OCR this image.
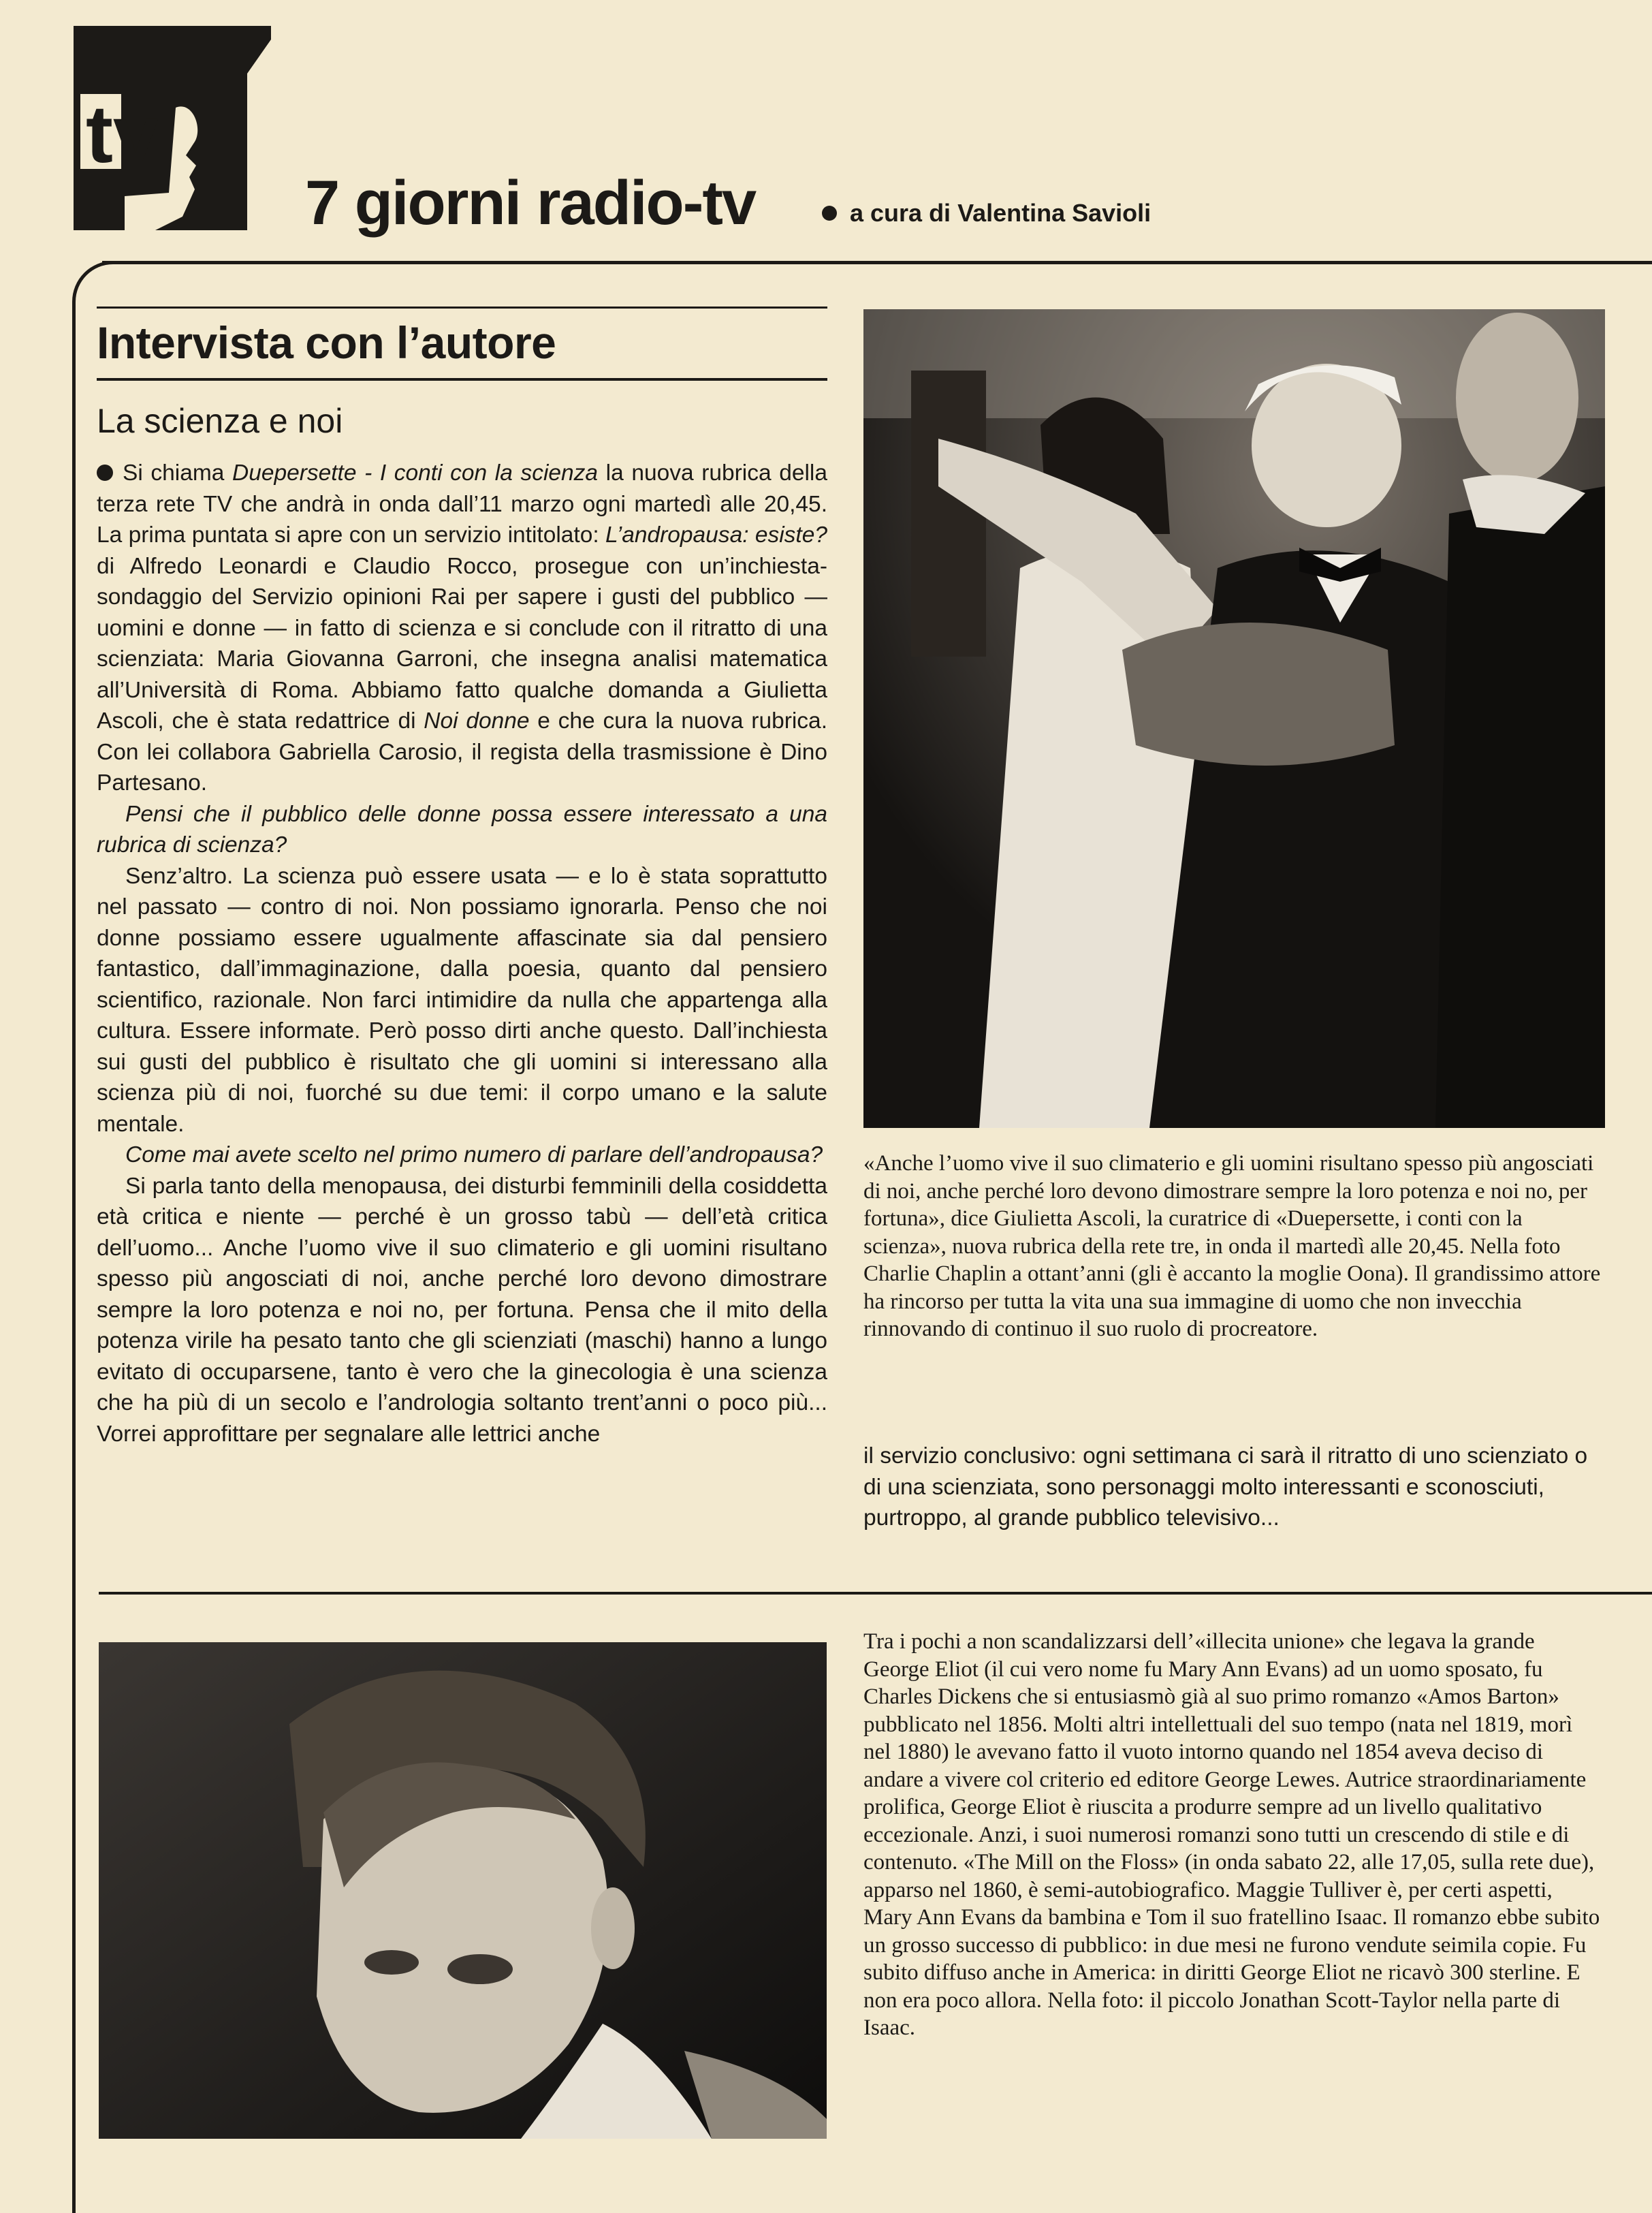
tv
7 giorni radio-tv	a cura di Valentina Savioli
Intervista con l’autore
La scienza e noi

Si chiama Duepersette - I conti con la scienza la nuova rubrica della terza rete TV che andrà in onda dall’11 marzo ogni martedì alle 20,45. La prima puntata si apre con un servizio intitolato: L’andropausa: esiste? di Alfredo Leonardi e Claudio Rocco, prosegue con un’inchiesta-sondaggio del Servizio opinioni Rai per sapere i gusti del pubblico — uomini e donne — in fatto di scienza e si conclude con il ritratto di una scienziata: Maria Giovanna Garroni, che insegna analisi matematica all’Università di Roma. Abbiamo fatto qualche domanda a Giulietta Ascoli, che è stata redattrice di Noi donne e che cura la nuova rubrica. Con lei collabora Gabriella Carosio, il regista della trasmissione è Dino Partesano.

Pensi che il pubblico delle donne possa essere interessato a una rubrica di scienza?

Senz’altro. La scienza può essere usata — e lo è stata soprattutto nel passato — contro di noi. Non possiamo ignorarla. Penso che noi donne possiamo essere ugualmente affascinate sia dal pensiero fantastico, dall’immaginazione, dalla poesia, quanto dal pensiero scientifico, razionale. Non farci intimidire da nulla che appartenga alla cultura. Essere informate. Però posso dirti anche questo. Dall’inchiesta sui gusti del pubblico è risultato che gli uomini si interessano alla scienza più di noi, fuorché su due temi: il corpo umano e la salute mentale.

Come mai avete scelto nel primo numero di parlare dell’andropausa?

Si parla tanto della menopausa, dei disturbi femminili della cosiddetta età critica e niente — perché è un grosso tabù — dell’età critica dell’uomo... Anche l’uomo vive il suo climaterio e gli uomini risultano spesso più angosciati di noi, anche perché loro devono dimostrare sempre la loro potenza e noi no, per fortuna. Pensa che il mito della potenza virile ha pesato tanto che gli scienziati (maschi) hanno a lungo evitato di occuparsene, tanto è vero che la ginecologia è una scienza che ha più di un secolo e l’andrologia soltanto trent’anni o poco più... Vorrei approfittare per segnalare alle lettrici anche

«Anche l’uomo vive il suo climaterio e gli uomini risultano spesso più angosciati di noi, anche perché loro devono dimostrare sempre la loro potenza e noi no, per fortuna», dice Giulietta Ascoli, la curatrice di «Duepersette, i conti con la scienza», nuova rubrica della rete tre, in onda il martedì alle 20,45. Nella foto Charlie Chaplin a ottant’anni (gli è accanto la moglie Oona). Il grandissimo attore ha rincorso per tutta la vita una sua immagine di uomo che non invecchia rinnovando di continuo il suo ruolo di procreatore.
il servizio conclusivo: ogni settimana ci sarà il ritratto di uno scienziato o di una scienziata, sono personaggi molto interessanti e sconosciuti, purtroppo, al grande pubblico televisivo...
Tra i pochi a non scandalizzarsi dell’«illecita unione» che legava la grande George Eliot (il cui vero nome fu Mary Ann Evans) ad un uomo sposato, fu Charles Dickens che si entusiasmò già al suo primo romanzo «Amos Barton» pubblicato nel 1856. Molti altri intellettuali del suo tempo (nata nel 1819, morì nel 1880) le avevano fatto il vuoto intorno quando nel 1854 aveva deciso di andare a vivere col criterio ed editore George Lewes. Autrice straordinariamente prolifica, George Eliot è riuscita a produrre sempre ad un livello qualitativo eccezionale. Anzi, i suoi numerosi romanzi sono tutti un crescendo di stile e di contenuto. «The Mill on the Floss» (in onda sabato 22, alle 17,05, sulla rete due), apparso nel 1860, è semi-autobiografico. Maggie Tulliver è, per certi aspetti, Mary Ann Evans da bambina e Tom il suo fratellino Isaac. Il romanzo ebbe subito un grosso successo di pubblico: in due mesi ne furono vendute seimila copie. Fu subito diffuso anche in America: in diritti George Eliot ne ricavò 300 sterline. E non era poco allora. Nella foto: il piccolo Jonathan Scott-Taylor nella parte di Isaac.
